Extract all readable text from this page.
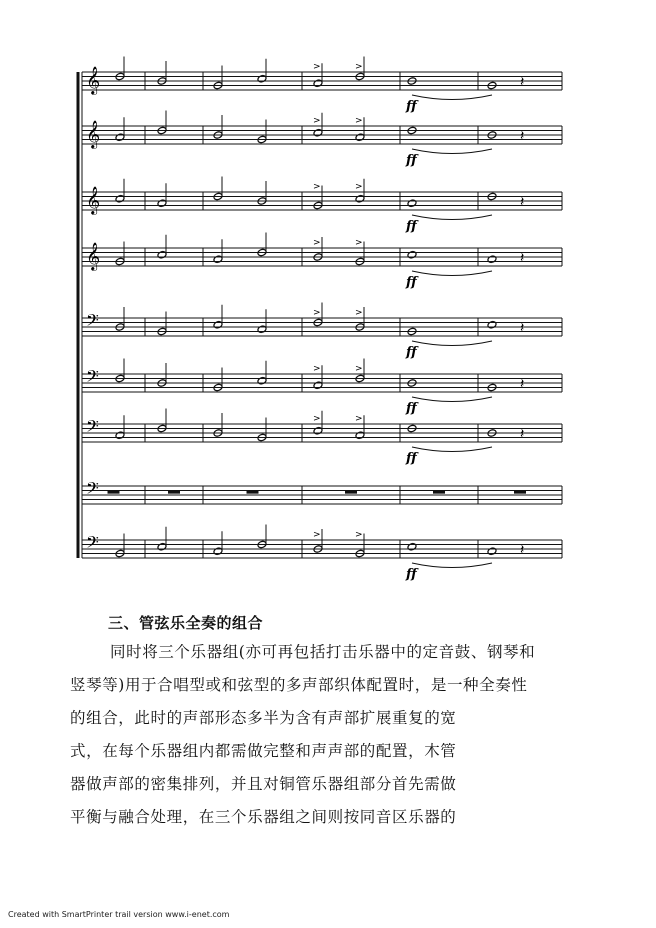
𝄞	>	>
ff
𝄽
𝄞	>	>
ff
𝄽
𝄞	>	>
ff
𝄽
𝄞	>	>
ff
𝄽
𝄢	>	>
ff
𝄽
𝄢	>	>
ff
𝄽
𝄢	>	>
ff
𝄽
𝄢
𝄢	>	>
ff
𝄽
三、管弦乐全奏的组合
同时将三个乐器组(亦可再包括打击乐器中的定音鼓、钢琴和
竖琴等)用于合唱型或和弦型的多声部织体配置时，是一种全奏性
的组合，此时的声部形态多半为含有声部扩展重复的宽
式，在每个乐器组内都需做完整和声声部的配置，木管
器做声部的密集排列，并且对铜管乐器组部分首先需做
平衡与融合处理，在三个乐器组之间则按同音区乐器的
Created with SmartPrinter trail version www.i-enet.com
